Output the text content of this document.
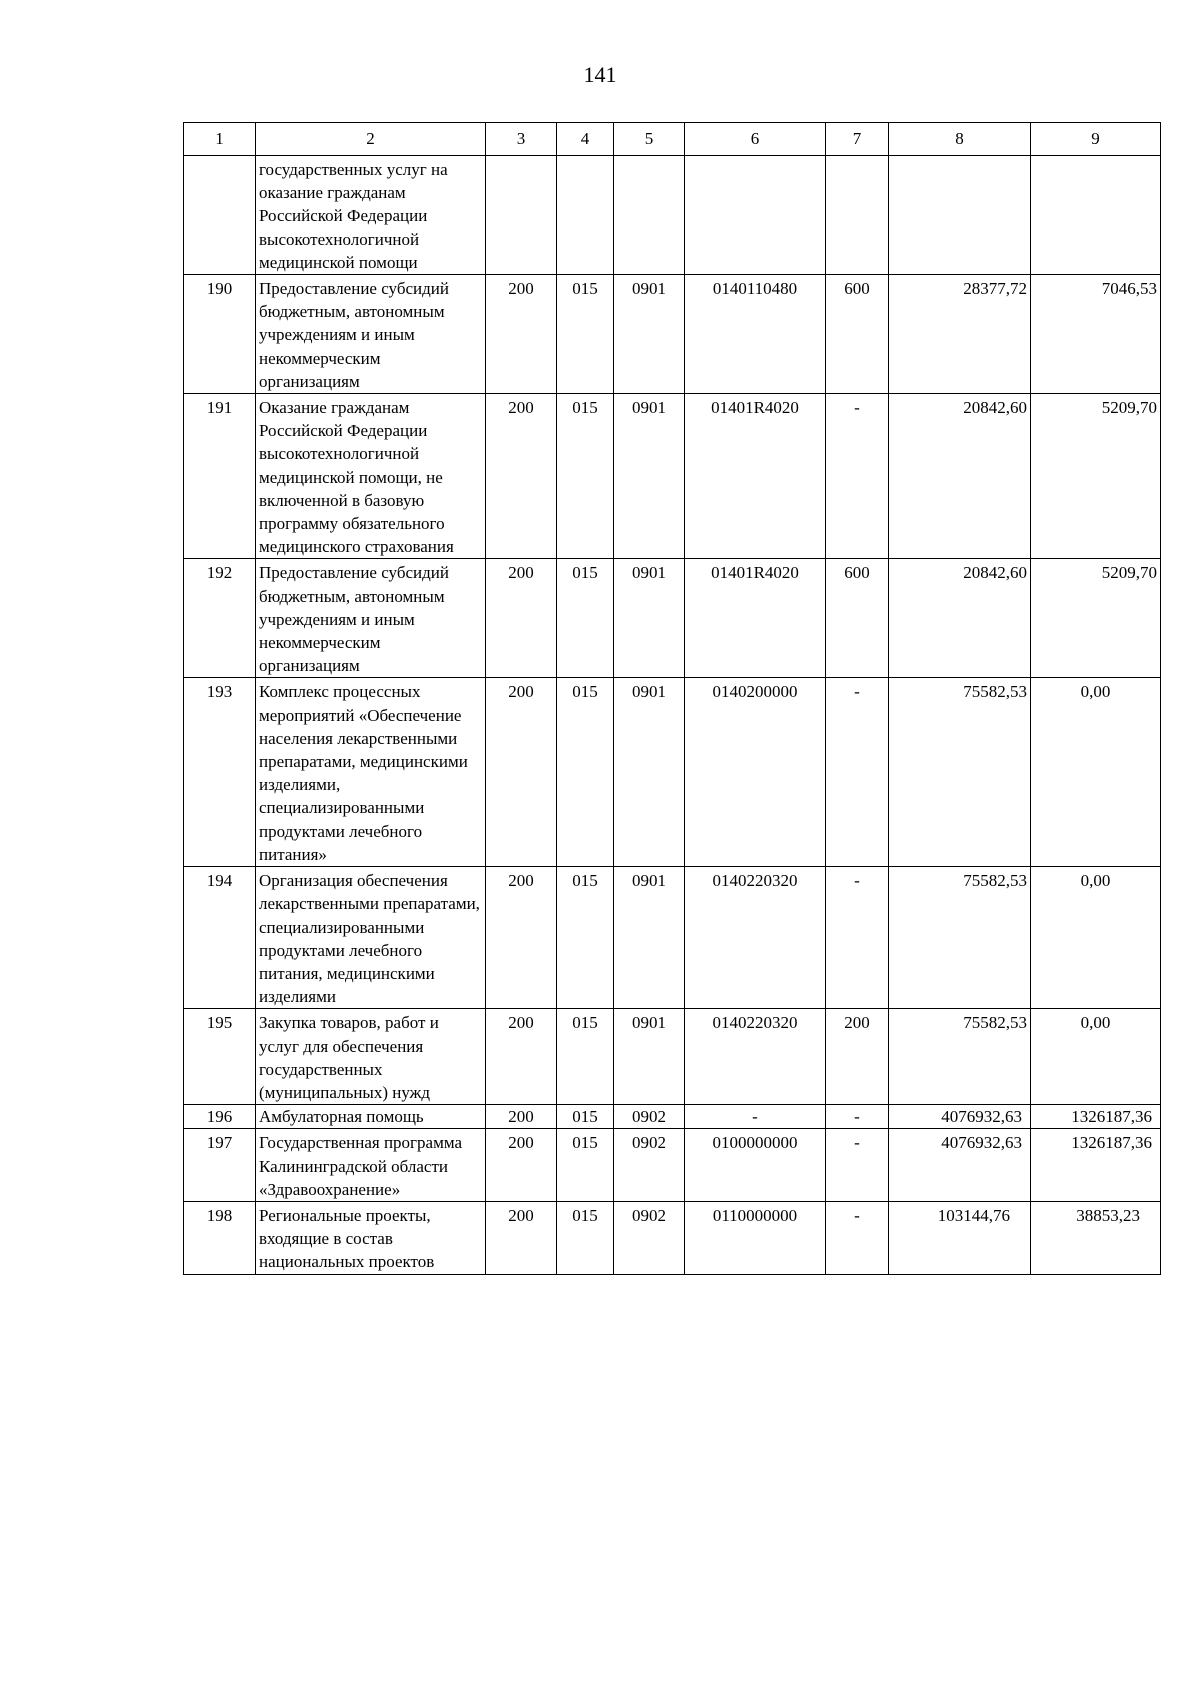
141
1	2	3	4	5	6	7	8	9
	государственных услуг на оказание гражданам Российской Федерации высокотехнологичной медицинской помощи							
190	Предоставление субсидий бюджетным, автономным учреждениям и иным некоммерческим организациям	200	015	0901	0140110480	600	28377,72	7046,53
191	Оказание гражданам Российской Федерации высокотехнологичной медицинской помощи, не включенной в базовую программу обязательного медицинского страхования	200	015	0901	01401R4020	-	20842,60	5209,70
192	Предоставление субсидий бюджетным, автономным учреждениям и иным некоммерческим организациям	200	015	0901	01401R4020	600	20842,60	5209,70
193	Комплекс процессных мероприятий «Обеспечение населения лекарственными препаратами, медицинскими изделиями, специализированными продуктами лечебного питания»	200	015	0901	0140200000	-	75582,53	0,00
194	Организация обеспечения лекарственными препаратами, специализированными продуктами лечебного питания, медицинскими изделиями	200	015	0901	0140220320	-	75582,53	0,00
195	Закупка товаров, работ и услуг для обеспечения государственных (муниципальных) нужд	200	015	0901	0140220320	200	75582,53	0,00
196	Амбулаторная помощь	200	015	0902	-	-	4076932,63	1326187,36
197	Государственная программа Калининградской области «Здравоохранение»	200	015	0902	0100000000	-	4076932,63	1326187,36
198	Региональные проекты, входящие в состав национальных проектов	200	015	0902	0110000000	-	103144,76	38853,23
